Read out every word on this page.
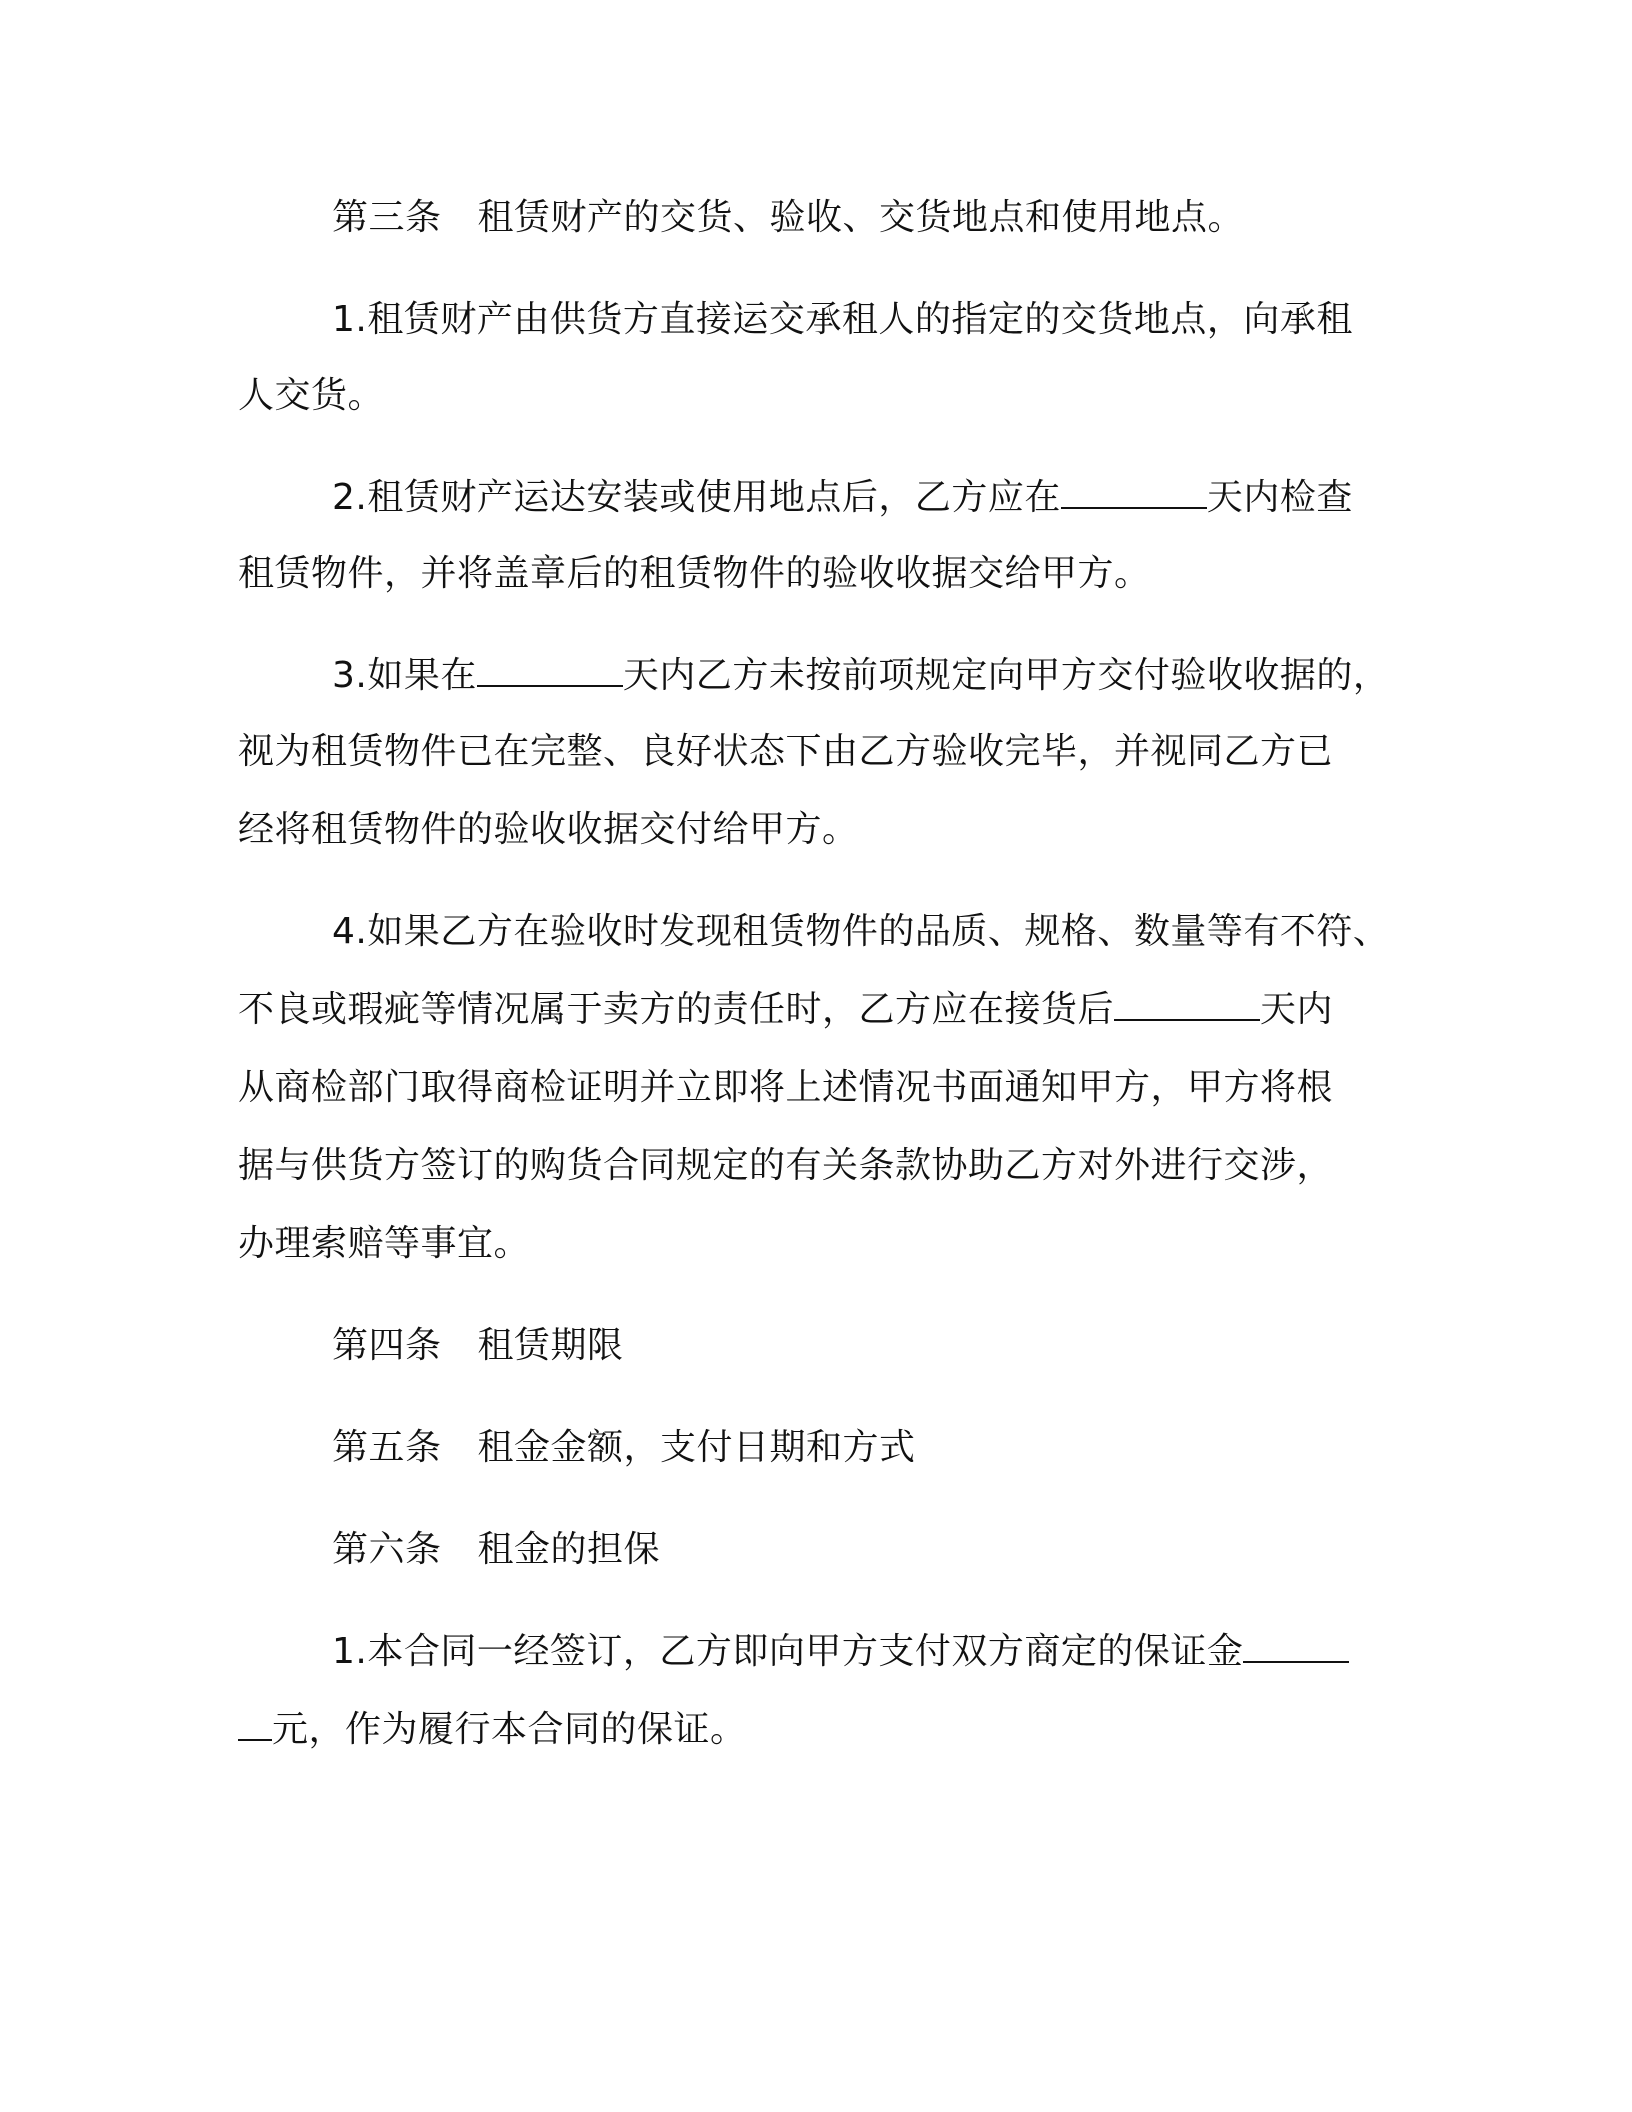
第三条 租赁财产的交货、验收、交货地点和使用地点。
1.租赁财产由供货方直接运交承租人的指定的交货地点，向承租
人交货。
2.租赁财产运达安装或使用地点后，乙方应在	天内检查
租赁物件，并将盖章后的租赁物件的验收收据交给甲方。
3.如果在	天内乙方未按前项规定向甲方交付验收收据的，
视为租赁物件已在完整、良好状态下由乙方验收完毕，并视同乙方已
经将租赁物件的验收收据交付给甲方。
4.如果乙方在验收时发现租赁物件的品质、规格、数量等有不符、
不良或瑕疵等情况属于卖方的责任时，乙方应在接货后	天内
从商检部门取得商检证明并立即将上述情况书面通知甲方，甲方将根
据与供货方签订的购货合同规定的有关条款协助乙方对外进行交涉，
办理索赔等事宜。
第四条 租赁期限
第五条 租金金额，支付日期和方式
第六条 租金的担保
1.本合同一经签订，乙方即向甲方支付双方商定的保证金
元，作为履行本合同的保证。
